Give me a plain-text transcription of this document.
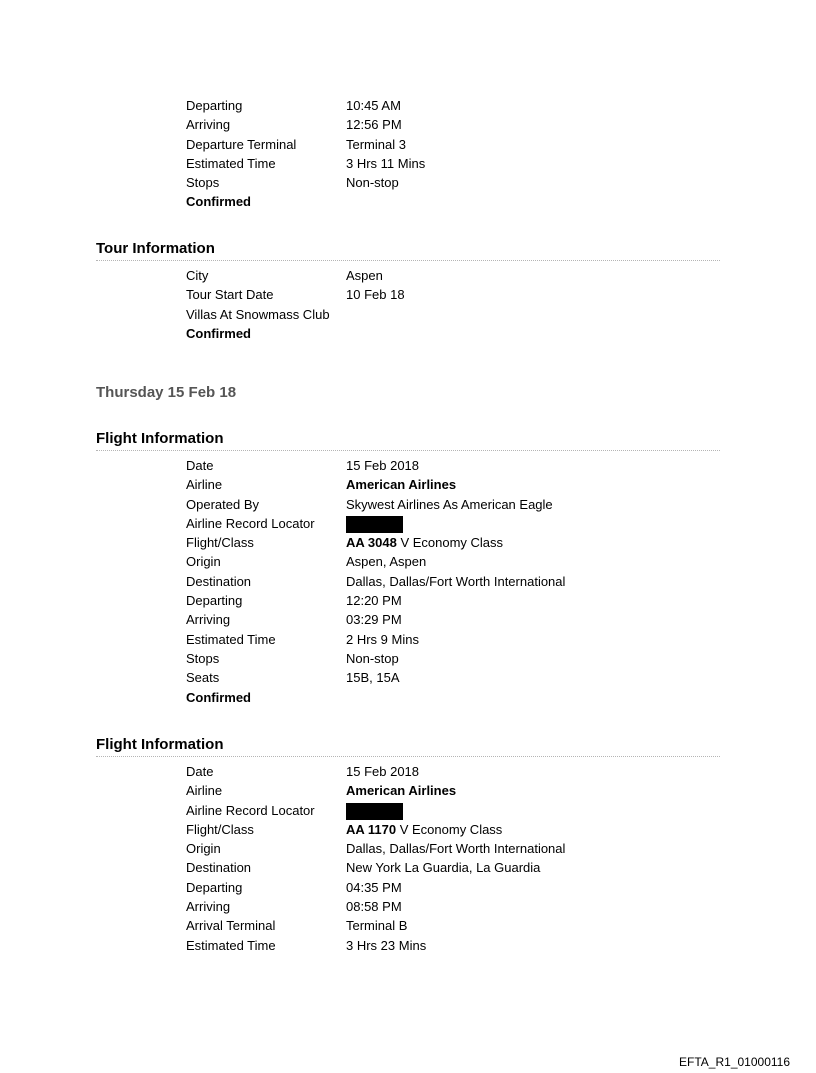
Departing	10:45 AM
Arriving	12:56 PM
Departure Terminal	Terminal 3
Estimated Time	3 Hrs 11 Mins
Stops	Non-stop
Confirmed
Tour Information
City	Aspen
Tour Start Date	10 Feb 18
Villas At Snowmass Club
Confirmed
Thursday 15 Feb 18
Flight Information
Date	15 Feb 2018
Airline	American Airlines
Operated By	Skywest Airlines As American Eagle
Airline Record Locator
Flight/Class	AA 3048 V Economy Class
Origin	Aspen, Aspen
Destination	Dallas, Dallas/Fort Worth International
Departing	12:20 PM
Arriving	03:29 PM
Estimated Time	2 Hrs 9 Mins
Stops	Non-stop
Seats	15B, 15A
Confirmed
Flight Information
Date	15 Feb 2018
Airline	American Airlines
Airline Record Locator
Flight/Class	AA 1170 V Economy Class
Origin	Dallas, Dallas/Fort Worth International
Destination	New York La Guardia, La Guardia
Departing	04:35 PM
Arriving	08:58 PM
Arrival Terminal	Terminal B
Estimated Time	3 Hrs 23 Mins
EFTA_R1_01000116
